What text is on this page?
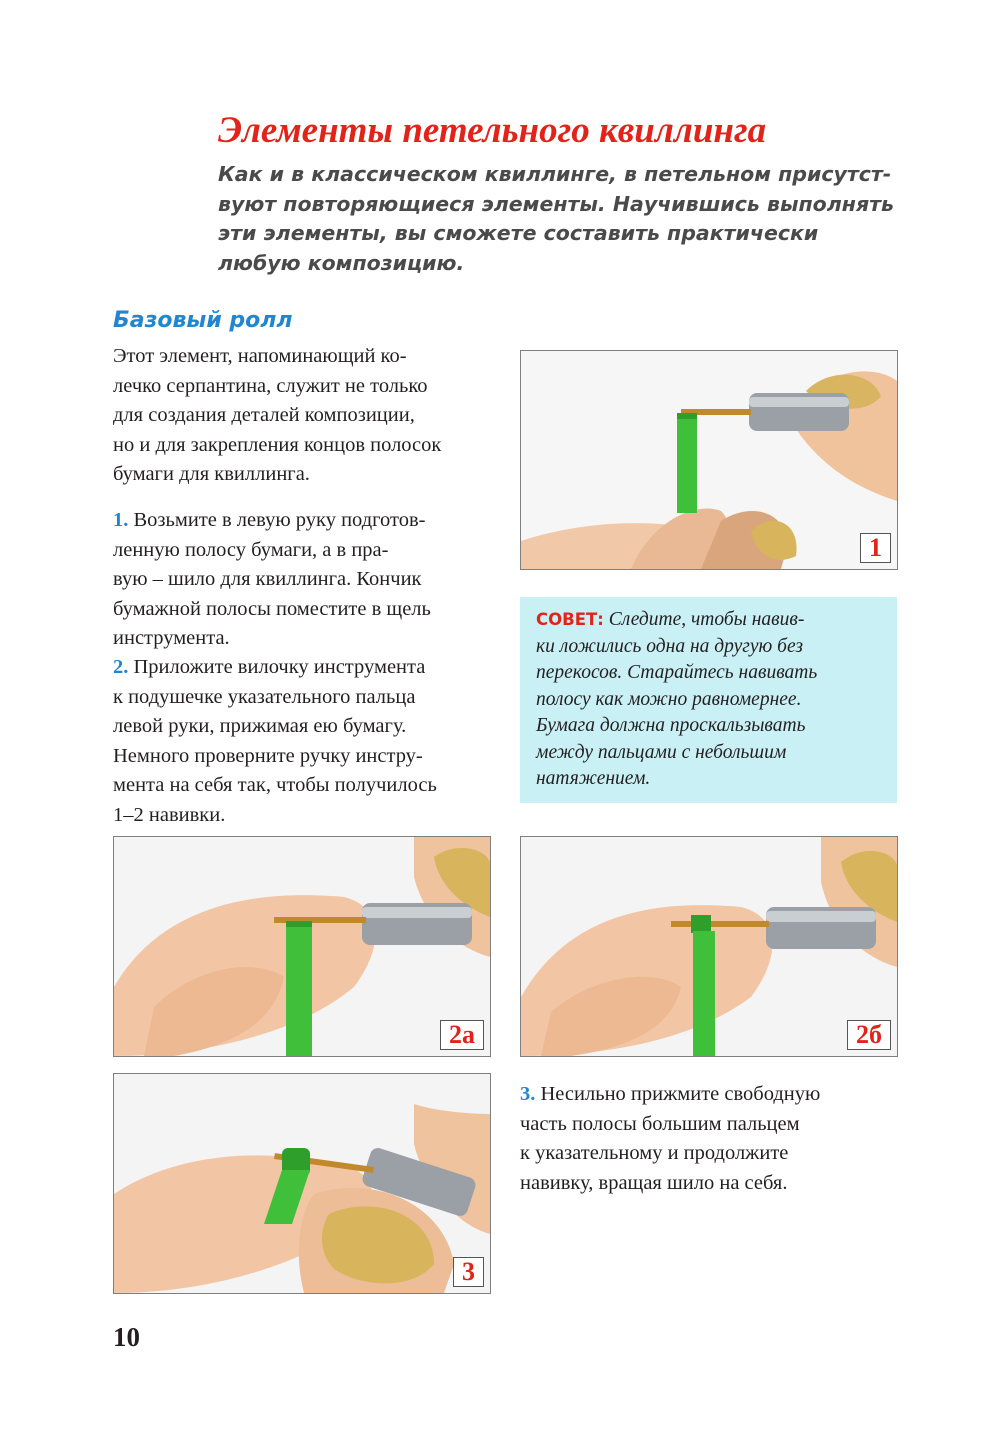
Элементы петельного квиллинга
Как и в классическом квиллинге, в петельном присутст-
вуют повторяющиеся элементы. Научившись выполнять
эти элементы, вы сможете составить практически
любую композицию.
Базовый ролл
Этот элемент, напоминающий ко-
лечко серпантина, служит не только
для создания деталей композиции,
но и для закрепления концов полосок
бумаги для квиллинга.
1. Возьмите в левую руку подготов-
ленную полосу бумаги, а в пра-
вую – шило для квиллинга. Кончик
бумажной полосы поместите в щель
инструмента.
2. Приложите вилочку инструмента
к подушечке указательного пальца
левой руки, прижимая ею бумагу.
Немного проверните ручку инстру-
мента на себя так, чтобы получилось
1–2 навивки.
3. Несильно прижмите свободную
часть полосы большим пальцем
к указательному и продолжите
навивку, вращая шило на себя.
1
СОВЕТ: Следите, чтобы навив-
ки ложились одна на другую без
перекосов. Старайтесь навивать
полосу как можно равномернее.
Бумага должна проскальзывать
между пальцами с небольшим
натяжением.
2а	2б
3
10
